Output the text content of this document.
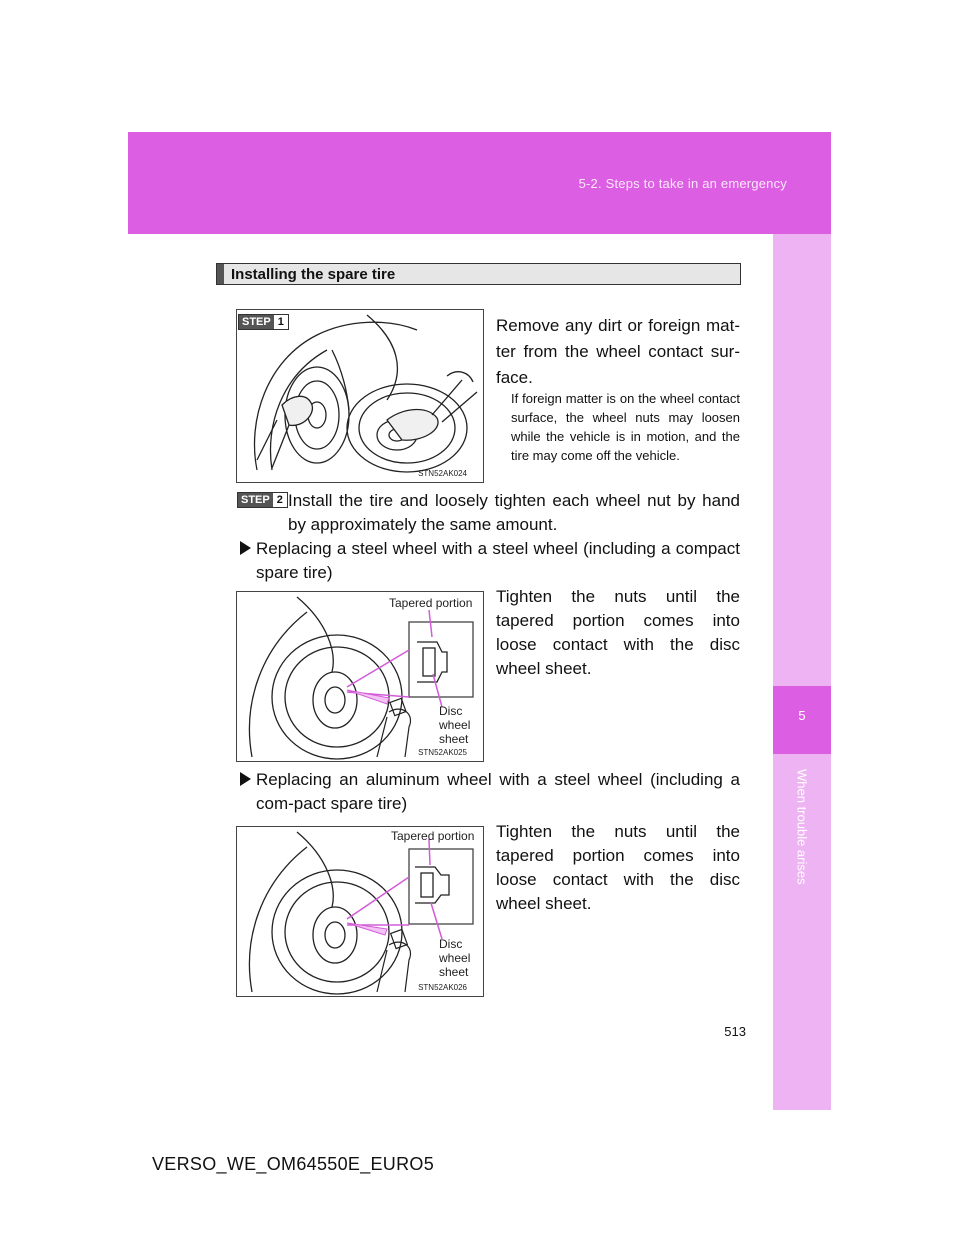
5-2. Steps to take in an emergency
5
When trouble arises
Installing the spare tire
STEP 1
STN52AK024
Remove any dirt or foreign mat-ter from the wheel contact sur-face.
If foreign matter is on the wheel contact surface, the wheel nuts may loosen while the vehicle is in motion, and the tire may come off the vehicle.
STEP 2 Install the tire and loosely tighten each wheel nut by hand by approximately the same amount.
Replacing a steel wheel with a steel wheel (including a compact spare tire)
Tapered portion
Disc
wheel
sheet
STN52AK025
Tighten the nuts until the tapered portion comes into loose contact with the disc wheel sheet.
Replacing an aluminum wheel with a steel wheel (including a com-pact spare tire)
Tapered portion
Disc
wheel
sheet
STN52AK026
Tighten the nuts until the tapered portion comes into loose contact with the disc wheel sheet.
513
VERSO_WE_OM64550E_EURO5
